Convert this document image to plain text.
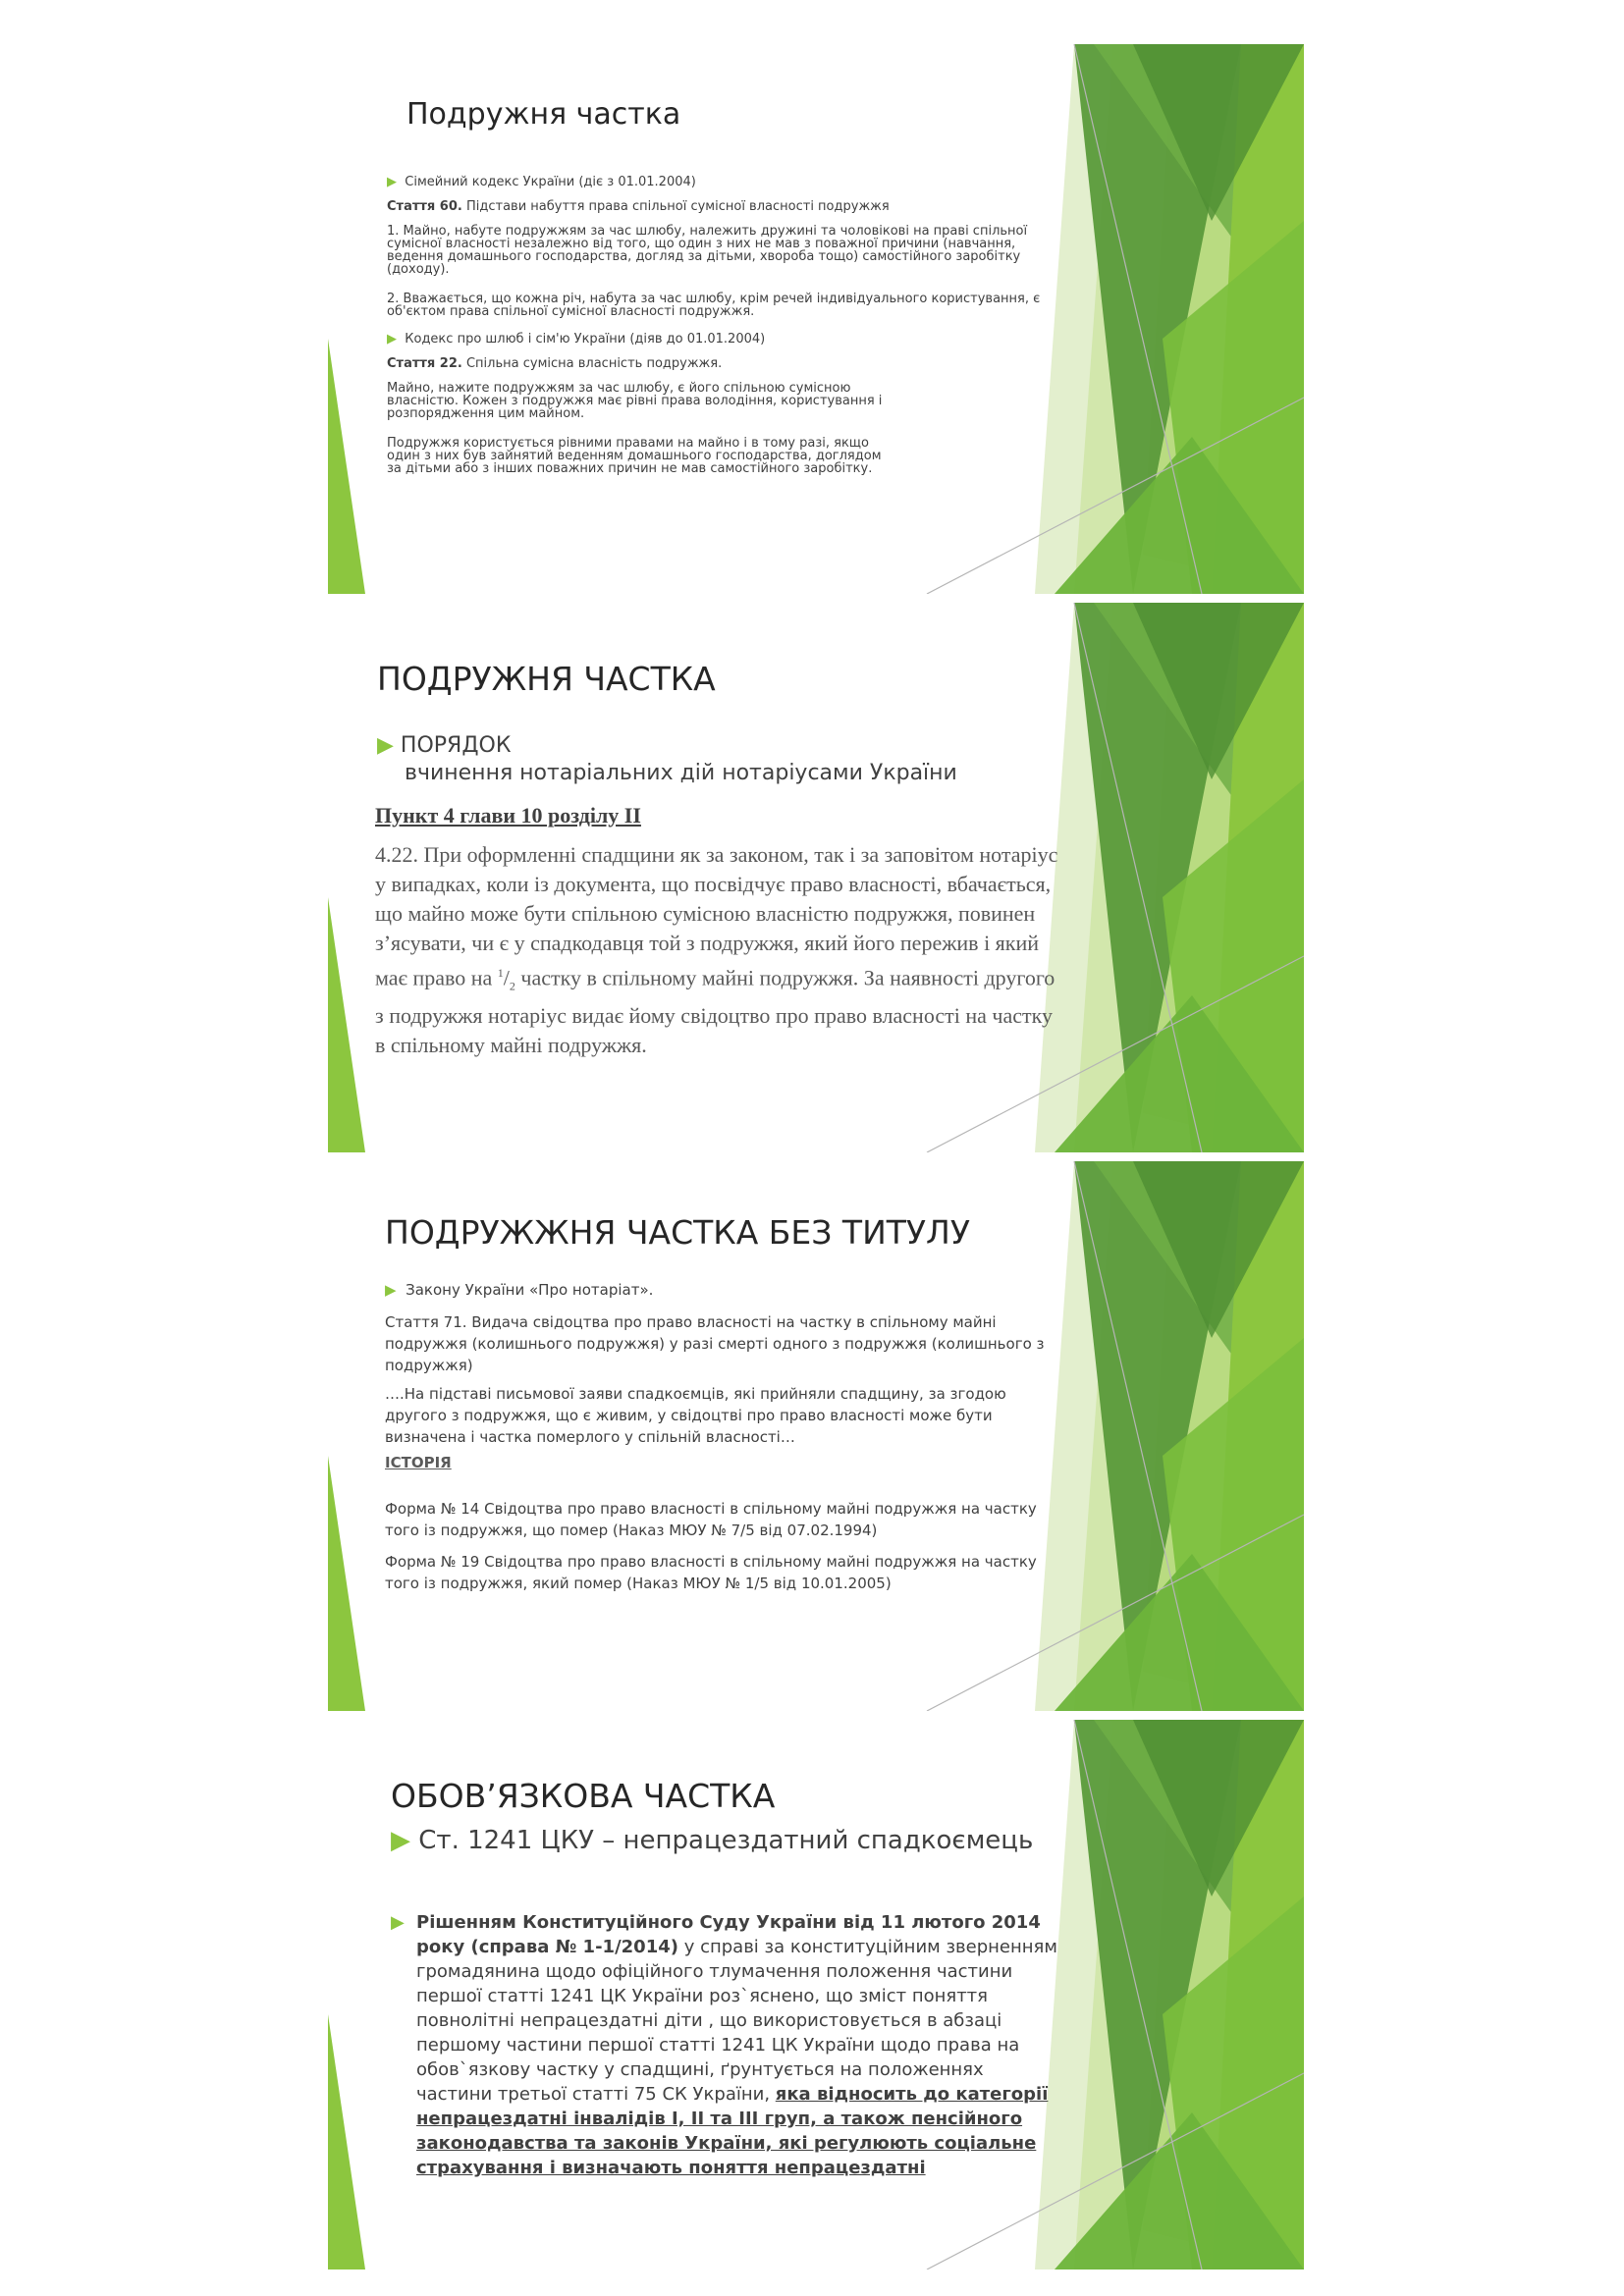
Подружня частка
▶ Сімейний кодекс України (діє з 01.01.2004)
Стаття 60. Підстави набуття права спільної сумісної власності подружжя
1. Майно, набуте подружжям за час шлюбу, належить дружині та чоловікові на праві спільної сумісної власності незалежно від того, що один з них не мав з поважної причини (навчання, ведення домашнього господарства, догляд за дітьми, хвороба тощо) самостійного заробітку (доходу).
2. Вважається, що кожна річ, набута за час шлюбу, крім речей індивідуального користування, є об'єктом права спільної сумісної власності подружжя.
▶ Кодекс про шлюб і сім'ю України (діяв до 01.01.2004)
Стаття 22. Спільна сумісна власність подружжя.
Майно, нажите подружжям за час шлюбу, є його спільною сумісною власністю. Кожен з подружжя має рівні права володіння, користування і розпорядження цим майном.
Подружжя користується рівними правами на майно і в тому разі, якщо один з них був зайнятий веденням домашнього господарства, доглядом за дітьми або з інших поважних причин не мав самостійного заробітку.
ПОДРУЖНЯ ЧАСТКА
▶ ПОРЯДОК
вчинення нотаріальних дій нотаріусами України
Пункт 4 глави 10 розділу II
4.22. При оформленні спадщини як за законом, так і за заповітом нотаріус у випадках, коли із документа, що посвідчує право власності, вбачається, що майно може бути спільною сумісною власністю подружжя, повинен з’ясувати, чи є у спадкодавця той з подружжя, який його пережив і який має право на $^1/_2$ частку в спільному майні подружжя. За наявності другого з подружжя нотаріус видає йому свідоцтво про право власності на частку в спільному майні подружжя.
ПОДРУЖЖНЯ ЧАСТКА БЕЗ ТИТУЛУ
▶ Закону України «Про нотаріат».
Стаття 71. Видача свідоцтва про право власності на частку в спільному майні подружжя (колишнього подружжя) у разі смерті одного з подружжя (колишнього з подружжя)
….На підставі письмової заяви спадкоємців, які прийняли спадщину, за згодою другого з подружжя, що є живим, у свідоцтві про право власності може бути визначена і частка померлого у спільній власності…
ІСТОРІЯ
Форма № 14 Свідоцтва про право власності в спільному майні подружжя на частку того із подружжя, що помер (Наказ МЮУ № 7/5 від 07.02.1994)
Форма № 19 Свідоцтва про право власності в спільному майні подружжя на частку того із подружжя, який помер (Наказ МЮУ № 1/5 від 10.01.2005)
ОБОВ’ЯЗКОВА ЧАСТКА
▶ Ст. 1241 ЦКУ – непрацездатний спадкоємець
▶ Рішенням Конституційного Суду України від 11 лютого 2014 року (справа № 1-1/2014) у справі за конституційним зверненням громадянина щодо офіційного тлумачення положення частини першої статті 1241 ЦК України роз`яснено, що зміст поняття повнолітні непрацездатні діти , що використовується в абзаці першому частини першої статті 1241 ЦК України щодо права на обов`язкову частку у спадщині, ґрунтується на положеннях частини третьої статті 75 СК України, яка відносить до категорії непрацездатні інвалідів І, ІІ та ІІІ груп, а також пенсійного законодавства та законів України, які регулюють соціальне страхування і визначають поняття непрацездатні
